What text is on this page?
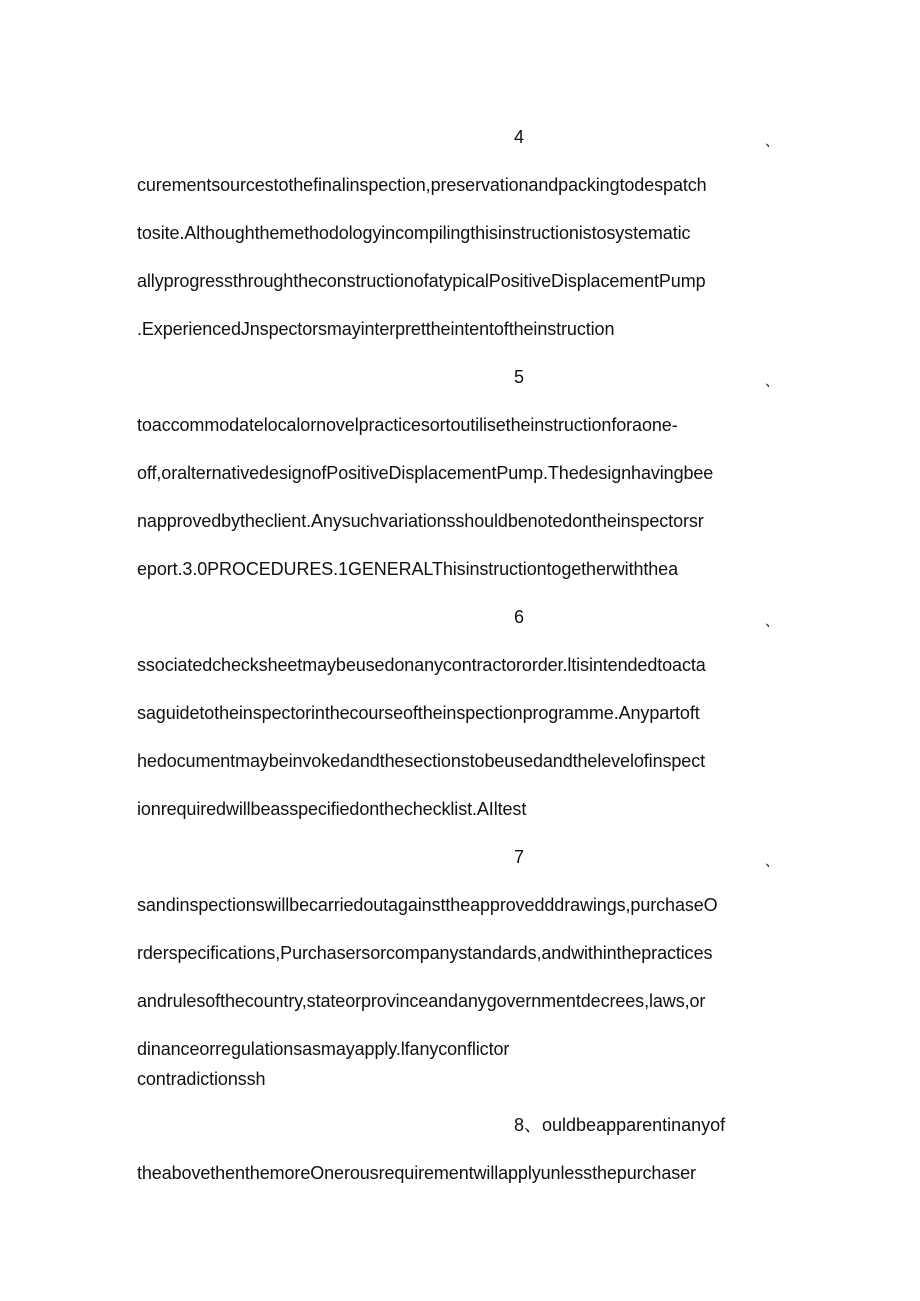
4	、
curementsourcestothefinalinspection,preservationandpackingtodespatch
tosite.Althoughthemethodologyincompilingthisinstructionistosystematic
allyprogressthroughtheconstructionofatypicalPositiveDisplacementPump
.ExperiencedJnspectorsmayinterprettheintentoftheinstruction
5	、
toaccommodatelocalornovelpracticesortoutilisetheinstructionforaone-
off,oralternativedesignofPositiveDisplacementPump.Thedesignhavingbee
napprovedbytheclient.Anysuchvariationsshouldbenotedontheinspectorsr
eport.3.0PROCEDURES.1GENERALThisinstructiontogetherwiththea
6	、
ssociatedchecksheetmaybeusedonanycontractororder.ltisintendedtoacta
saguidetotheinspectorinthecourseoftheinspectionprogramme.Anypartoft
hedocumentmaybeinvokedandthesectionstobeusedandthelevelofinspect
ionrequiredwillbeasspecifiedonthechecklist.AIltest
7	、
sandinspectionswillbecarriedoutagainsttheapprovedddrawings,purchaseO
rderspecifications,Purchasersorcompanystandards,andwithinthepractices
andrulesofthecountry,stateorprovinceandanygovernmentdecrees,laws,or
dinanceorregulationsasmayapply.lfanyconflictor
contradictionssh
8、ouldbeapparentinanyof
theabovethenthemoreOnerousrequirementwillapplyunlessthepurchaser
